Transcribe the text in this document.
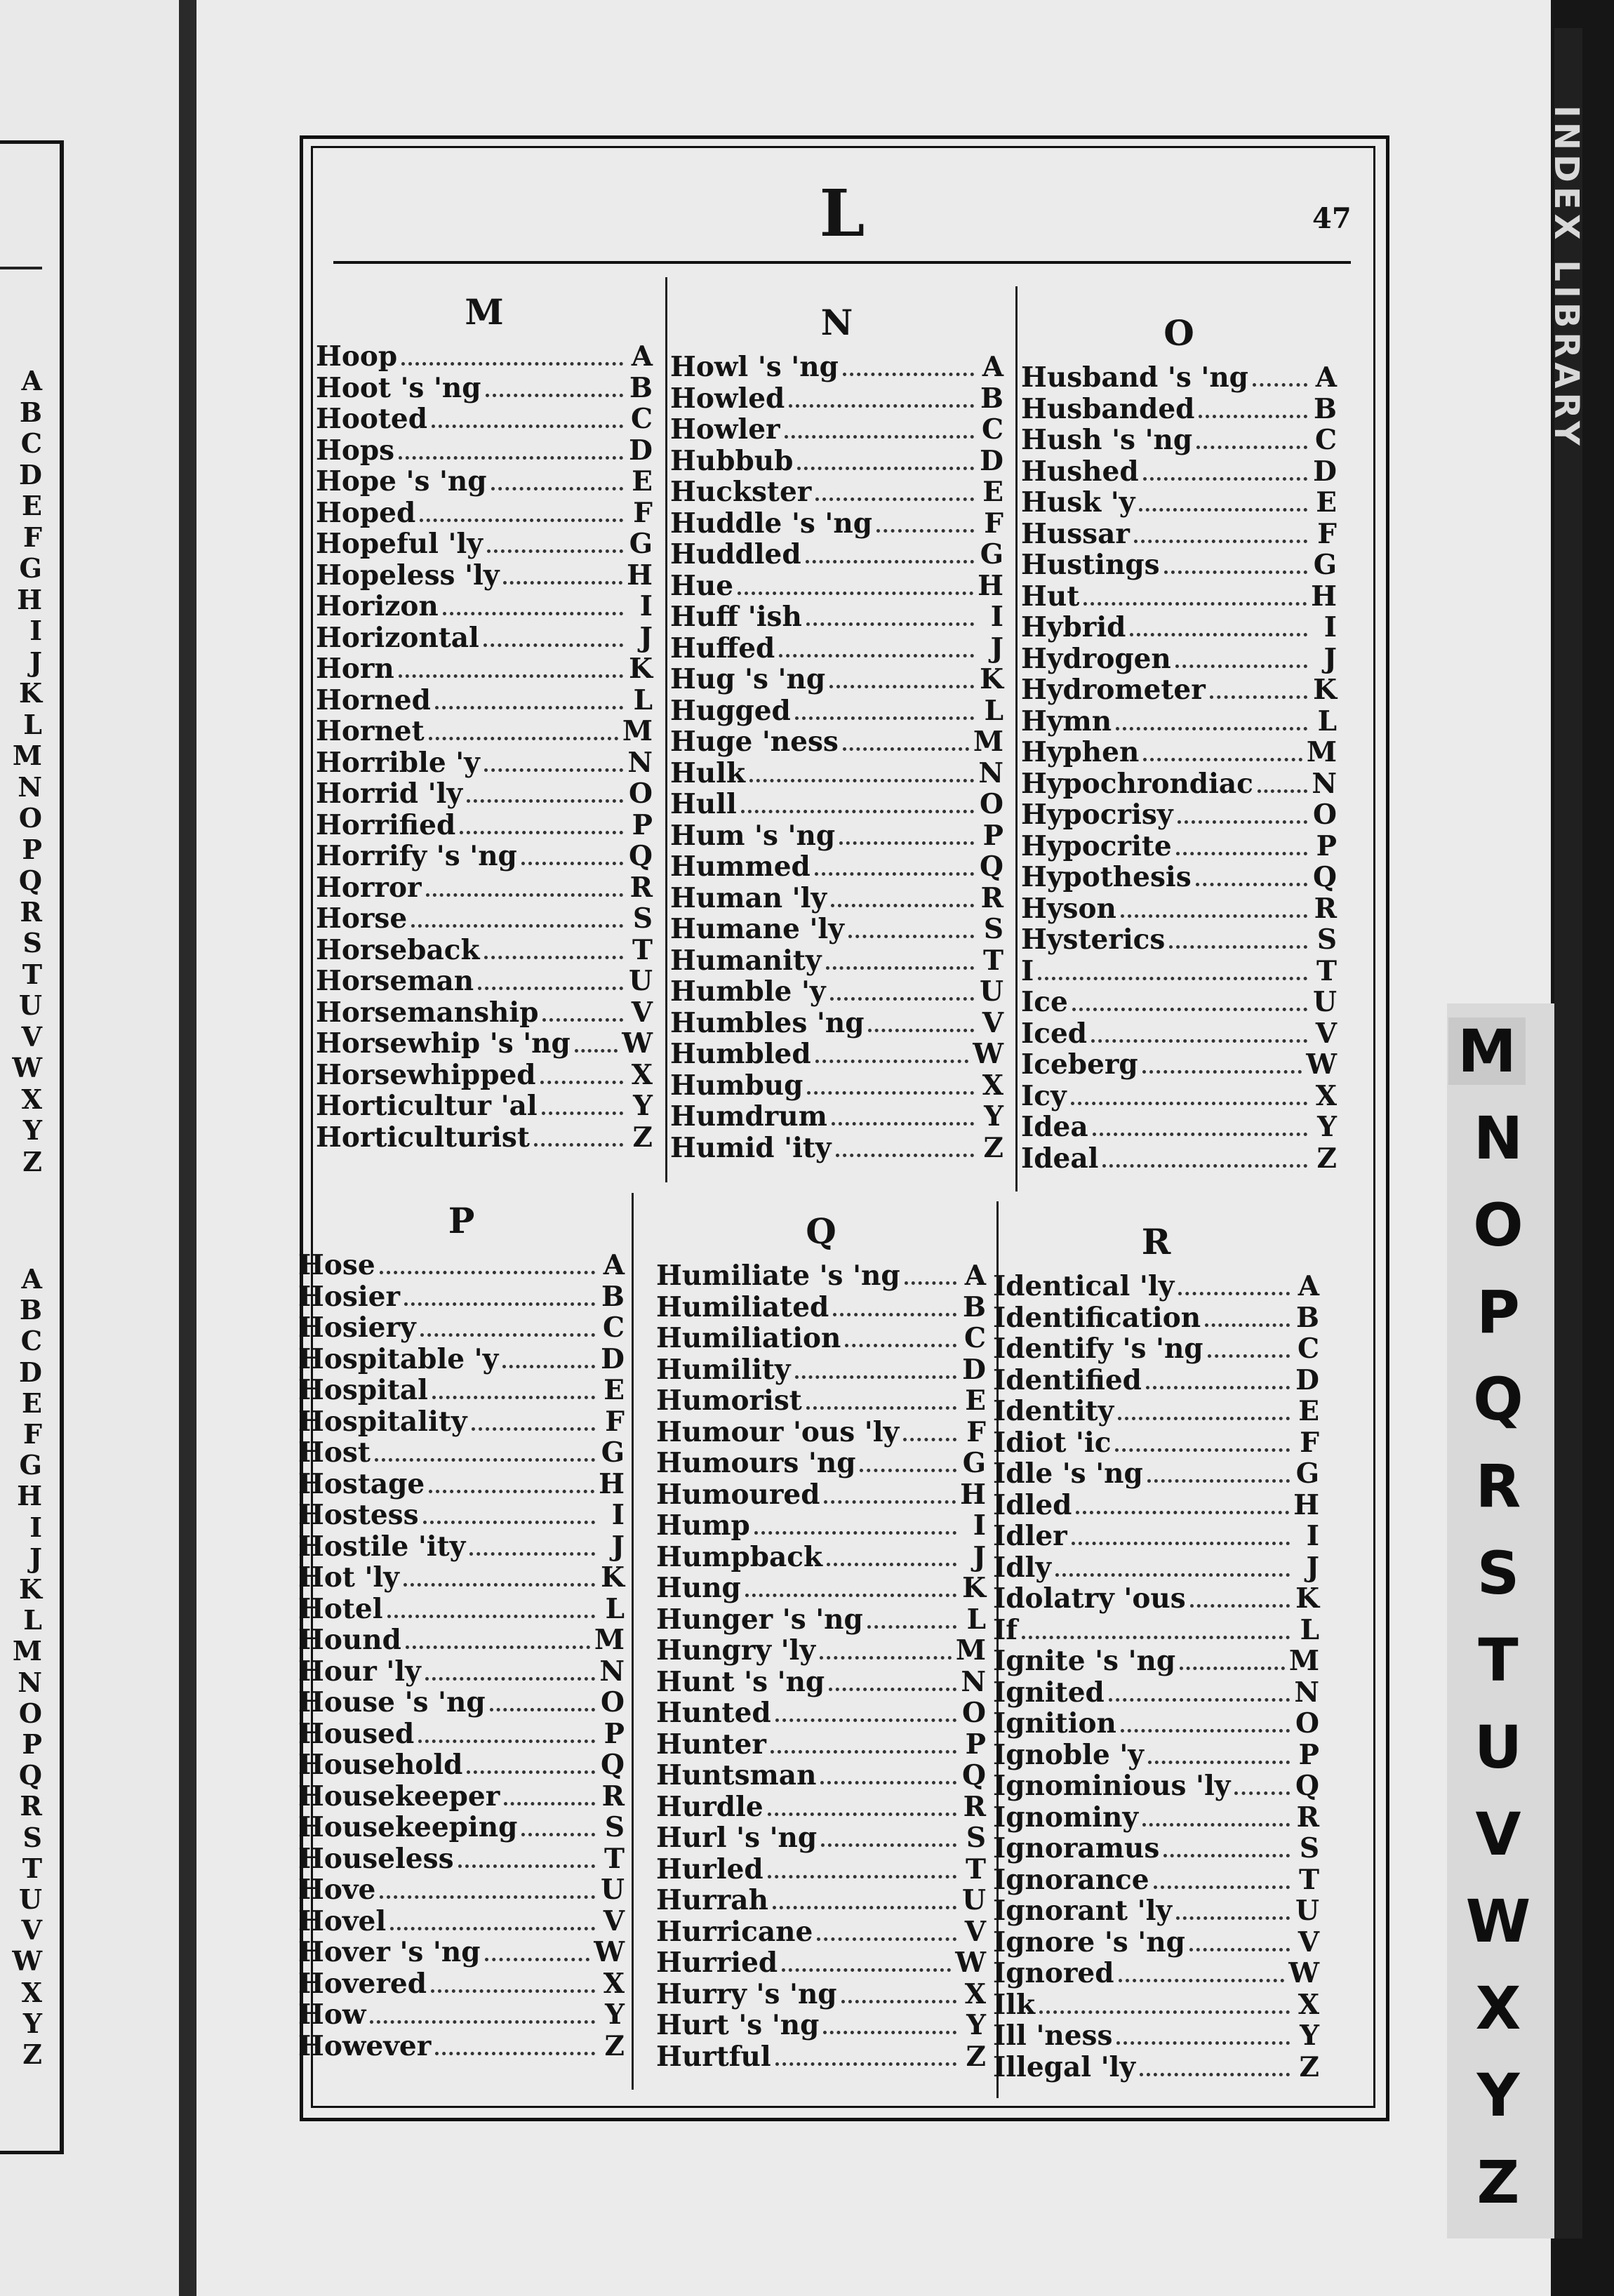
A
B
C
D
E
F
G
H
I
J
K
L
M
N
O
P
Q
R
S
T
U
V
W
X
Y
Z
A
B
C
D
E
F
G
H
I
J
K
L
M
N
O
P
Q
R
S
T
U
V
W
X
Y
Z
L	47
M
Hoop	A
Hoot 's 'ng	B
Hooted	C
Hops	D
Hope 's 'ng	E
Hoped	F
Hopeful 'ly	G
Hopeless 'ly	H
Horizon	I
Horizontal	J
Horn	K
Horned	L
Hornet	M
Horrible 'y	N
Horrid 'ly	O
Horrified	P
Horrify 's 'ng	Q
Horror	R
Horse	S
Horseback	T
Horseman	U
Horsemanship	V
Horsewhip 's 'ng W
Horsewhipped	X
Horticultur 'al	Y
Horticulturist	Z
N
Howl 's 'ng	A
Howled	B
Howler	C
Hubbub	D
Huckster	E
Huddle 's 'ng	F
Huddled	G
Hue	H
Huff 'ish	I
Huffed	J
Hug 's 'ng	K
Hugged	L
Huge 'ness	M
Hulk	N
Hull	O
Hum 's 'ng	P
Hummed	Q
Human 'ly	R
Humane 'ly	S
Humanity	T
Humble 'y	U
Humbles 'ng	V
Humbled	W
Humbug	X
Humdrum	Y
Humid 'ity	Z
O
Husband 's 'ng A
Husbanded	B
Hush 's 'ng	C
Hushed	D
Husk 'y	E
Hussar	F
Hustings	G
Hut	H
Hybrid	I
Hydrogen	J
Hydrometer	K
Hymn	L
Hyphen	M
Hypochrondiac N
Hypocrisy	O
Hypocrite	P
Hypothesis	Q
Hyson	R
Hysterics	S
I	T
Ice	U
Iced	V
Iceberg	W
Icy	X
Idea	Y
Ideal	Z
P
Hose	A
Hosier	B
Hosiery	C
Hospitable 'y	D
Hospital	E
Hospitality	F
Host	G
Hostage	H
Hostess	I
Hostile 'ity	J
Hot 'ly	K
Hotel	L
Hound	M
Hour 'ly	N
House 's 'ng	O
Housed	P
Household	Q
Housekeeper	R
Housekeeping	S
Houseless	T
Hove	U
Hovel	V
Hover 's 'ng	W
Hovered	X
How	Y
However	Z
Q
Humiliate 's 'ng A
Humiliated	B
Humiliation	C
Humility	D
Humorist	E
Humour 'ous 'ly F
Humours 'ng	G
Humoured	H
Hump	I
Humpback	J
Hung	K
Hunger 's 'ng	L
Hungry 'ly	M
Hunt 's 'ng	N
Hunted	O
Hunter	P
Huntsman	Q
Hurdle	R
Hurl 's 'ng	S
Hurled	T
Hurrah	U
Hurricane	V
Hurried	W
Hurry 's 'ng	X
Hurt 's 'ng	Y
Hurtful	Z
R
Identical 'ly	A
Identification	B
Identify 's 'ng	C
Identified	D
Identity	E
Idiot 'ic	F
Idle 's 'ng	G
Idled	H
Idler	I
Idly	J
Idolatry 'ous	K
If	L
Ignite 's 'ng	M
Ignited	N
Ignition	O
Ignoble 'y	P
Ignominious 'ly Q
Ignominy	R
Ignoramus	S
Ignorance	T
Ignorant 'ly	U
Ignore 's 'ng	V
Ignored	W
Ilk	X
Ill 'ness	Y
Illegal 'ly	Z
M
N
O
P
Q
R
S
T
U
V
W
X
Y
Z
INDEX LIBRARY
